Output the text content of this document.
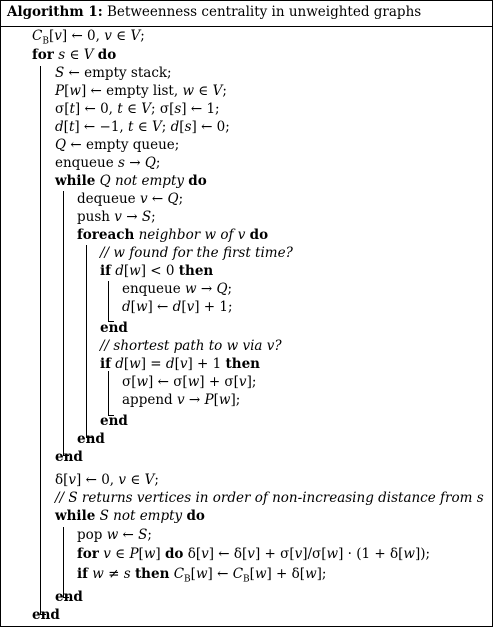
Algorithm 1: Betweenness centrality in unweighted graphs
$C_B[v]$ ← 0, v ∈ V;
for s ∈ V do
S ← empty stack;
P[w] ← empty list, w ∈ V;
σ[t] ← 0, t ∈ V; σ[s] ← 1;
d[t] ← −1, t ∈ V; d[s] ← 0;
Q ← empty queue;
enqueue s → Q;
while Q not empty do
dequeue v ← Q;
push v → S;
foreach neighbor w of v do
// w found for the first time?
if d[w] < 0 then
enqueue w → Q;
d[w] ← d[v] + 1;
end
// shortest path to w via v?
if d[w] = d[v] + 1 then
σ[w] ← σ[w] + σ[v];
append v → P[w];
end
end
end
δ[v] ← 0, v ∈ V;
// S returns vertices in order of non-increasing distance from s
while S not empty do
pop w ← S;
for v ∈ P[w] do δ[v] ← δ[v] + σ[v]/σ[w] · (1 + δ[w]);
if w ≠ s then $C_B[w]$ ← $C_B[w] + \delta[w]$;
end
end
